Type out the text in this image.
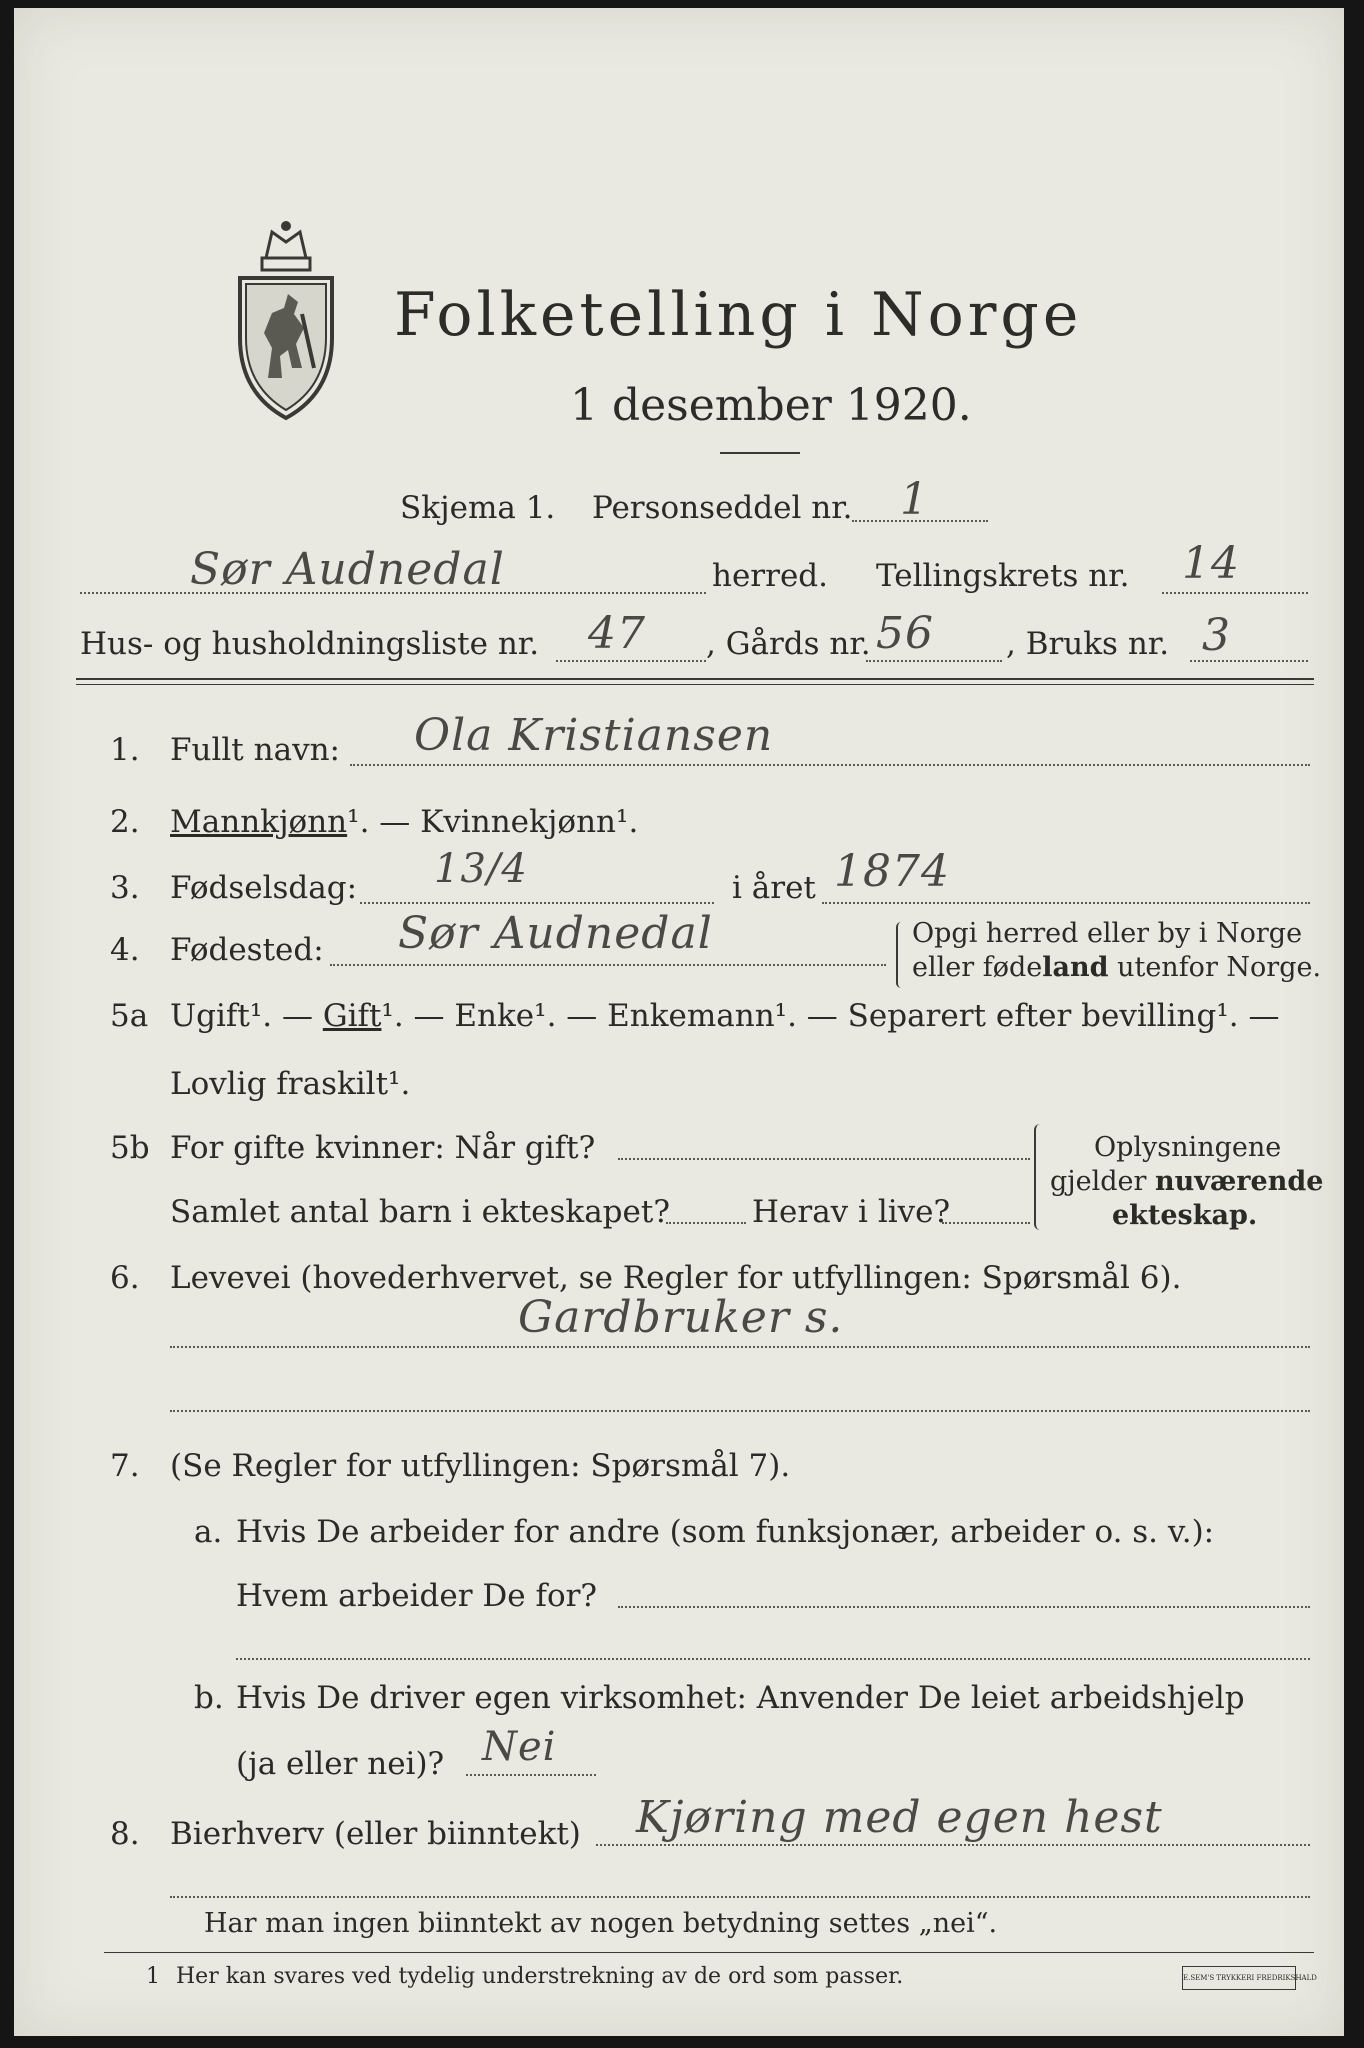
Folketelling i Norge
1 desember 1920.
Skjema 1. Personseddel nr. 1
Sør Audnedal	herred. Tellingskrets nr. 14
Hus- og husholdningsliste nr. 47 , Gårds nr. 56 , Bruks nr. 3
1. Fullt navn: Ola Kristiansen
2. Mannkjønn¹. — Kvinnekjønn¹.
3. Fødselsdag: 13/4	i året 1874
4. Fødested: Sør Audnedal	Opgi herred eller by i Norge
eller fødeland utenfor Norge.
5a Ugift¹. — Gift¹. — Enke¹. — Enkemann¹. — Separert efter bevilling¹. —
Lovlig fraskilt¹.
5b For gifte kvinner: Når gift?
Samlet antal barn i ekteskapet?	Herav i live?
Oplysningene
gjelder nuværende
ekteskap.
6. Levevei (hovederhvervet, se Regler for utfyllingen: Spørsmål 6).
Gardbruker s.
7. (Se Regler for utfyllingen: Spørsmål 7).
a. Hvis De arbeider for andre (som funksjonær, arbeider o. s. v.):
Hvem arbeider De for?
b. Hvis De driver egen virksomhet: Anvender De leiet arbeidshjelp
(ja eller nei)? Nei
8. Bierhverv (eller biinntekt) Kjøring med egen hest
Har man ingen biinntekt av nogen betydning settes „nei“.
1 Her kan svares ved tydelig understrekning av de ord som passer.	E.SEM'S TRYKKERI FREDRIKSHALD
